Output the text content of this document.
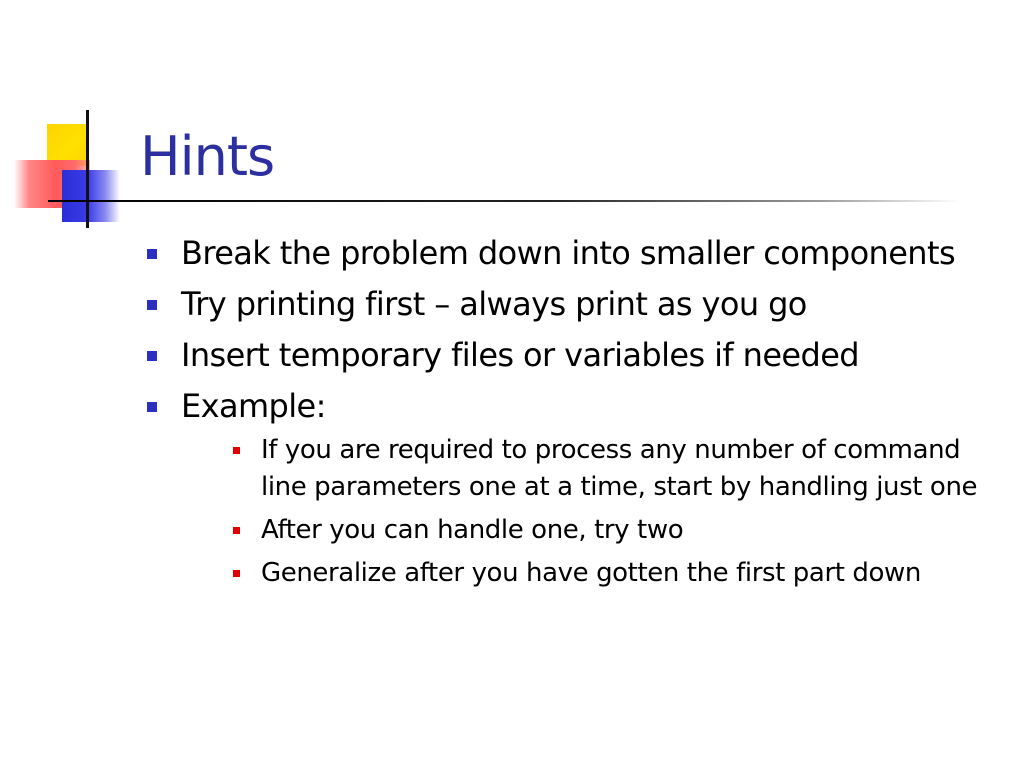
Hints
Break the problem down into smaller components
Try printing first – always print as you go
Insert temporary files or variables if needed
Example:
If you are required to process any number of command line parameters one at a time, start by handling just one
After you can handle one, try two
Generalize after you have gotten the first part down
